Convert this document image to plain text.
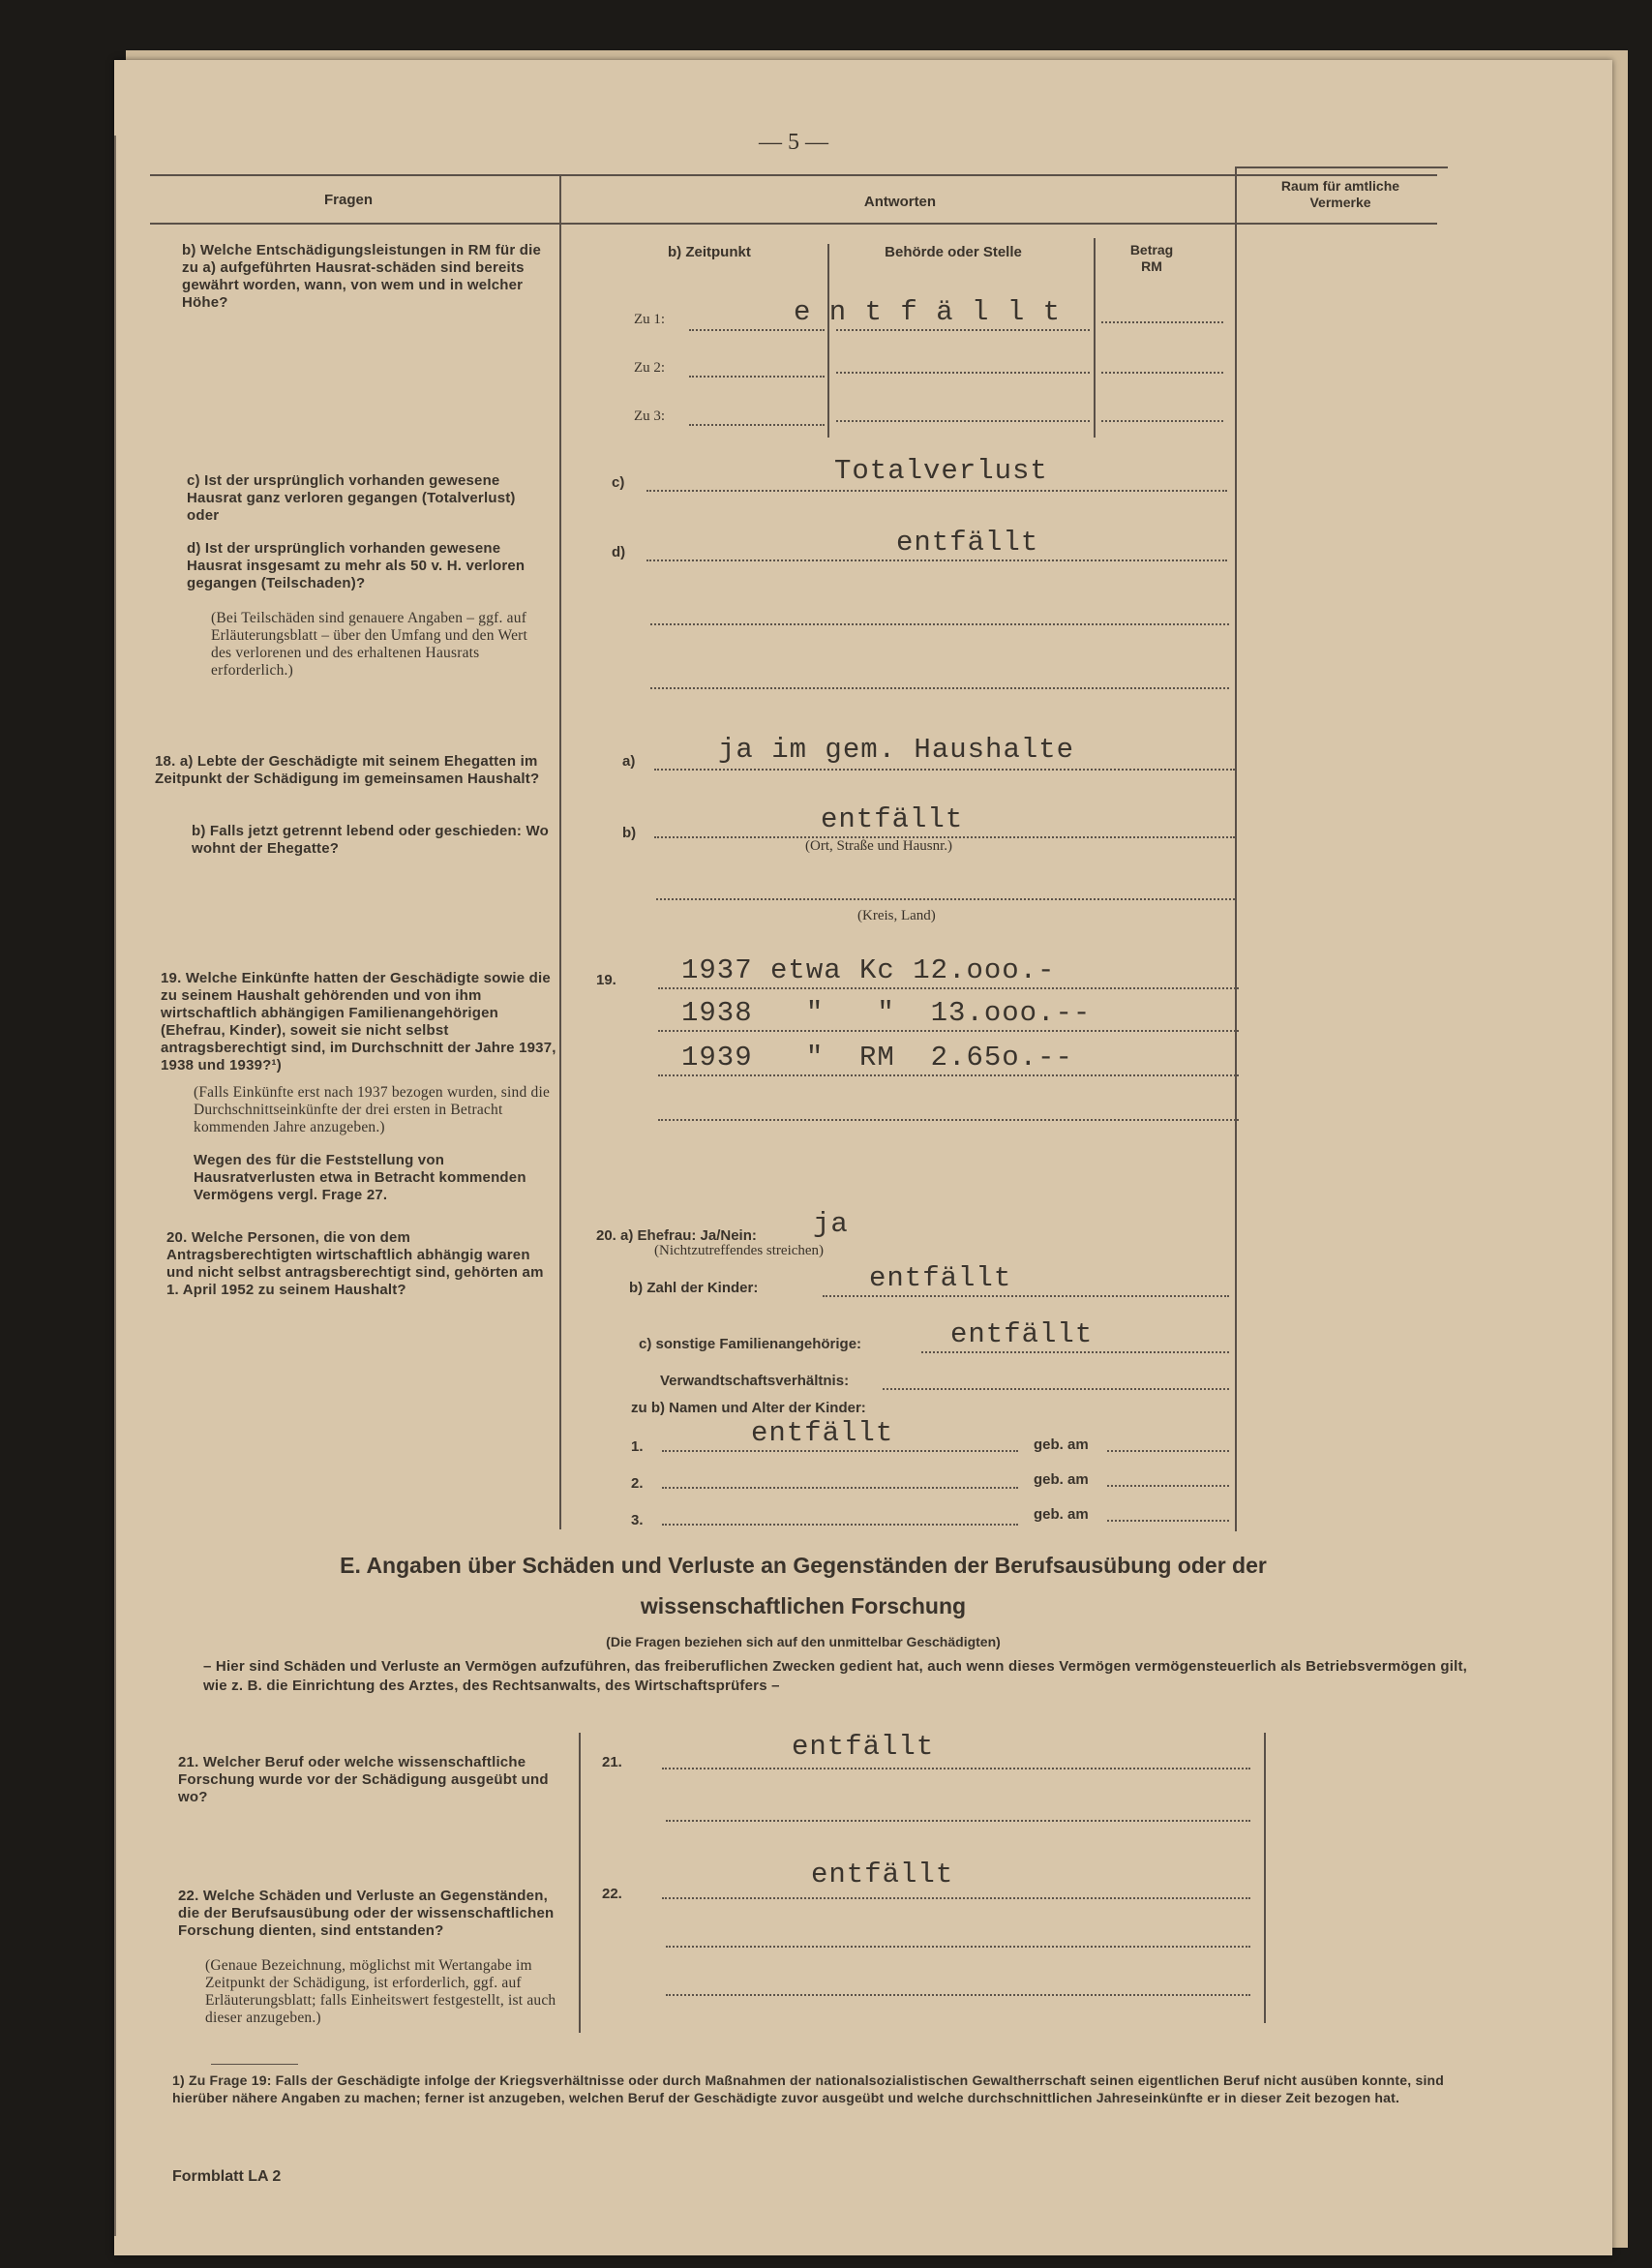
— 5 —
Fragen	Antworten
Raum für amtliche Vermerke
b) Welche Entschädigungsleistungen in RM für die zu a) aufgeführten Hausrat-schäden sind bereits gewährt worden, wann, von wem und in welcher Höhe?
b) Zeitpunkt	Behörde oder Stelle	Betrag RM
Zu 1:	e n t f ä l l t
Zu 2:
Zu 3:
c) Ist der ursprünglich vorhanden gewesene Hausrat ganz verloren gegangen (Totalverlust) oder
c)	Totalverlust
d) Ist der ursprünglich vorhanden gewesene Hausrat insgesamt zu mehr als 50 v. H. verloren gegangen (Teilschaden)?
(Bei Teilschäden sind genauere Angaben – ggf. auf Erläuterungsblatt – über den Umfang und den Wert des verlorenen und des erhaltenen Hausrats erforderlich.)
d)	entfällt
18. a) Lebte der Geschädigte mit seinem Ehegatten im Zeitpunkt der Schädigung im gemeinsamen Haushalt?
b) Falls jetzt getrennt lebend oder geschieden: Wo wohnt der Ehegatte?
a)	ja im gem. Haushalte
b)	entfällt
(Ort, Straße und Hausnr.)
(Kreis, Land)
19. Welche Einkünfte hatten der Geschädigte sowie die zu seinem Haushalt gehörenden und von ihm wirtschaftlich abhängigen Familienangehörigen (Ehefrau, Kinder), soweit sie nicht selbst antragsberechtigt sind, im Durchschnitt der Jahre 1937, 1938 und 1939?¹)
(Falls Einkünfte erst nach 1937 bezogen wurden, sind die Durchschnittseinkünfte der drei ersten in Betracht kommenden Jahre anzugeben.)
Wegen des für die Feststellung von Hausratverlusten etwa in Betracht kommenden Vermögens vergl. Frage 27.
19. 1937 etwa Kc 12.ooo.-
1938   "   "  13.ooo.--
1939   "  RM  2.65o.--
20. Welche Personen, die von dem Antragsberechtigten wirtschaftlich abhängig waren und nicht selbst antragsberechtigt sind, gehörten am 1. April 1952 zu seinem Haushalt?
20. a) Ehefrau: Ja/Nein:
(Nichtzutreffendes streichen)
ja
b) Zahl der Kinder:	entfällt
c) sonstige Familienangehörige:	entfällt
Verwandtschaftsverhältnis:
zu b) Namen und Alter der Kinder:
1.	entfällt	geb. am
2.	geb. am
3.	geb. am
E. Angaben über Schäden und Verluste an Gegenständen der Berufsausübung oder der
wissenschaftlichen Forschung
(Die Fragen beziehen sich auf den unmittelbar Geschädigten)
– Hier sind Schäden und Verluste an Vermögen aufzuführen, das freiberuflichen Zwecken gedient hat, auch wenn dieses Vermögen vermögensteuerlich als Betriebsvermögen gilt, wie z. B. die Einrichtung des Arztes, des Rechtsanwalts, des Wirtschaftsprüfers –
21. Welcher Beruf oder welche wissenschaftliche Forschung wurde vor der Schädigung ausgeübt und wo?
21.	entfällt
22. Welche Schäden und Verluste an Gegenständen, die der Berufsausübung oder der wissenschaftlichen Forschung dienten, sind entstanden?
(Genaue Bezeichnung, möglichst mit Wertangabe im Zeitpunkt der Schädigung, ist erforderlich, ggf. auf Erläuterungsblatt; falls Einheitswert festgestellt, ist auch dieser anzugeben.)
22.
entfällt
1) Zu Frage 19: Falls der Geschädigte infolge der Kriegsverhältnisse oder durch Maßnahmen der nationalsozialistischen Gewaltherrschaft seinen eigentlichen Beruf nicht ausüben konnte, sind hierüber nähere Angaben zu machen; ferner ist anzugeben, welchen Beruf der Geschädigte zuvor ausgeübt und welche durchschnittlichen Jahreseinkünfte er in dieser Zeit bezogen hat.
Formblatt LA 2
